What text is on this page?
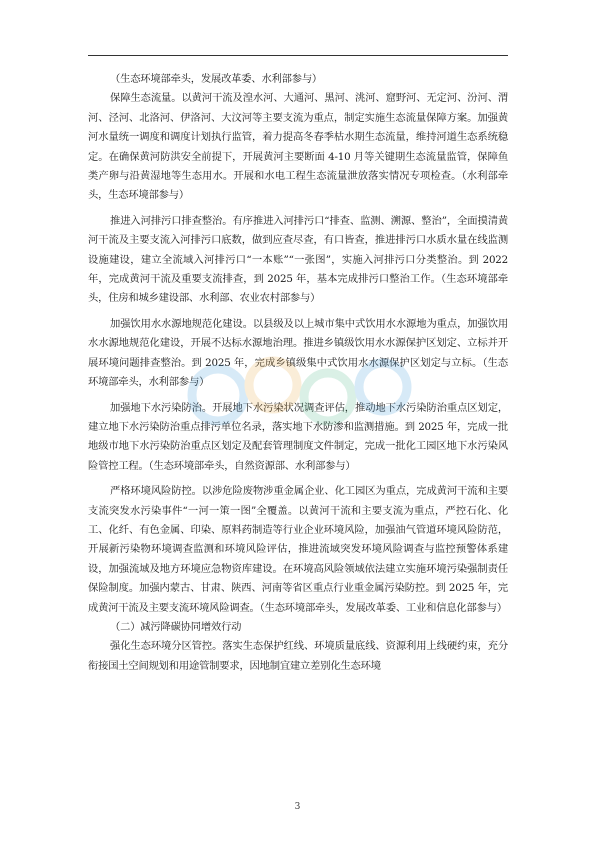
（生态环境部牵头，发展改革委、水利部参与）

保障生态流量。以黄河干流及湟水河、大通河、黑河、洮河、窟野河、无定河、汾河、渭河、泾河、北洛河、伊洛河、大汶河等主要支流为重点，制定实施生态流量保障方案。加强黄河水量统一调度和调度计划执行监管，着力提高冬春季枯水期生态流量，维持河道生态系统稳定。在确保黄河防洪安全前提下，开展黄河主要断面 4-10 月等关键期生态流量监管，保障鱼类产卵与沿黄湿地等生态用水。开展和水电工程生态流量泄放落实情况专项检查。（水利部牵头，生态环境部参与）

推进入河排污口排查整治。有序推进入河排污口“排查、监测、溯源、整治”，全面摸清黄河干流及主要支流入河排污口底数，做到应查尽查，有口皆查，推进排污口水质水量在线监测设施建设，建立全流域入河排污口“一本账”“一张图”，实施入河排污口分类整治。到 2022 年，完成黄河干流及重要支流排查，到 2025 年，基本完成排污口整治工作。（生态环境部牵头，住房和城乡建设部、水利部、农业农村部参与）

加强饮用水水源地规范化建设。以县级及以上城市集中式饮用水水源地为重点，加强饮用水水源地规范化建设，开展不达标水源地治理。推进乡镇级饮用水水源保护区划定、立标并开展环境问题排查整治。到 2025 年，完成乡镇级集中式饮用水水源保护区划定与立标。（生态环境部牵头，水利部参与）

加强地下水污染防治。开展地下水污染状况调查评估，推动地下水污染防治重点区划定，建立地下水污染防治重点排污单位名录，落实地下水防渗和监测措施。到 2025 年，完成一批地级市地下水污染防治重点区划定及配套管理制度文件制定，完成一批化工园区地下水污染风险管控工程。（生态环境部牵头，自然资源部、水利部参与）

严格环境风险防控。以涉危险废物涉重金属企业、化工园区为重点，完成黄河干流和主要支流突发水污染事件“一河一策一图”全覆盖。以黄河干流和主要支流为重点，严控石化、化工、化纤、有色金属、印染、原料药制造等行业企业环境风险，加强油气管道环境风险防范，开展新污染物环境调查监测和环境风险评估，推进流域突发环境风险调查与监控预警体系建设，加强流域及地方环境应急物资库建设。在环境高风险领域依法建立实施环境污染强制责任保险制度。加强内蒙古、甘肃、陕西、河南等省区重点行业重金属污染防控。到 2025 年，完成黄河干流及主要支流环境风险调查。（生态环境部牵头，发展改革委、工业和信息化部参与）

（二）减污降碳协同增效行动

强化生态环境分区管控。落实生态保护红线、环境质量底线、资源利用上线硬约束，充分衔接国土空间规划和用途管制要求，因地制宜建立差别化生态环境

3
